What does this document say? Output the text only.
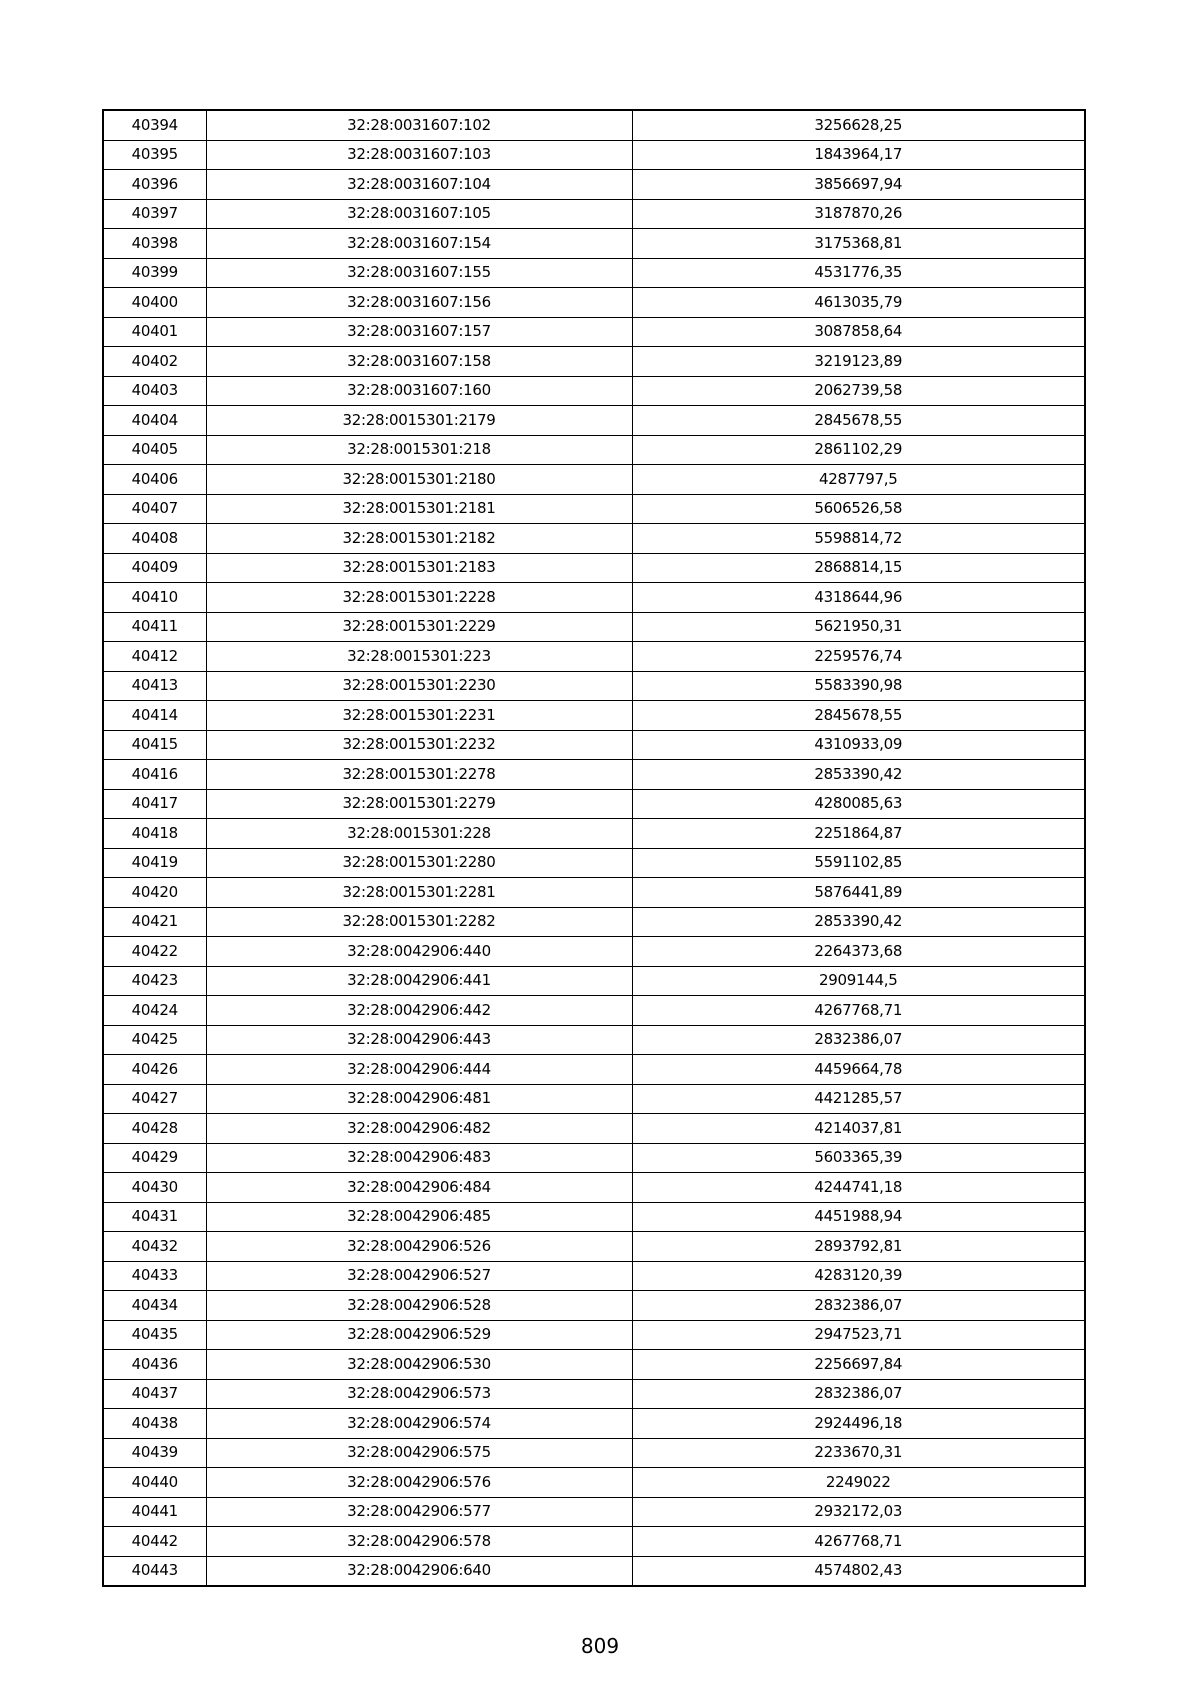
40394	32:28:0031607:102	3256628,25
40395	32:28:0031607:103	1843964,17
40396	32:28:0031607:104	3856697,94
40397	32:28:0031607:105	3187870,26
40398	32:28:0031607:154	3175368,81
40399	32:28:0031607:155	4531776,35
40400	32:28:0031607:156	4613035,79
40401	32:28:0031607:157	3087858,64
40402	32:28:0031607:158	3219123,89
40403	32:28:0031607:160	2062739,58
40404	32:28:0015301:2179	2845678,55
40405	32:28:0015301:218	2861102,29
40406	32:28:0015301:2180	4287797,5
40407	32:28:0015301:2181	5606526,58
40408	32:28:0015301:2182	5598814,72
40409	32:28:0015301:2183	2868814,15
40410	32:28:0015301:2228	4318644,96
40411	32:28:0015301:2229	5621950,31
40412	32:28:0015301:223	2259576,74
40413	32:28:0015301:2230	5583390,98
40414	32:28:0015301:2231	2845678,55
40415	32:28:0015301:2232	4310933,09
40416	32:28:0015301:2278	2853390,42
40417	32:28:0015301:2279	4280085,63
40418	32:28:0015301:228	2251864,87
40419	32:28:0015301:2280	5591102,85
40420	32:28:0015301:2281	5876441,89
40421	32:28:0015301:2282	2853390,42
40422	32:28:0042906:440	2264373,68
40423	32:28:0042906:441	2909144,5
40424	32:28:0042906:442	4267768,71
40425	32:28:0042906:443	2832386,07
40426	32:28:0042906:444	4459664,78
40427	32:28:0042906:481	4421285,57
40428	32:28:0042906:482	4214037,81
40429	32:28:0042906:483	5603365,39
40430	32:28:0042906:484	4244741,18
40431	32:28:0042906:485	4451988,94
40432	32:28:0042906:526	2893792,81
40433	32:28:0042906:527	4283120,39
40434	32:28:0042906:528	2832386,07
40435	32:28:0042906:529	2947523,71
40436	32:28:0042906:530	2256697,84
40437	32:28:0042906:573	2832386,07
40438	32:28:0042906:574	2924496,18
40439	32:28:0042906:575	2233670,31
40440	32:28:0042906:576	2249022
40441	32:28:0042906:577	2932172,03
40442	32:28:0042906:578	4267768,71
40443	32:28:0042906:640	4574802,43
809
